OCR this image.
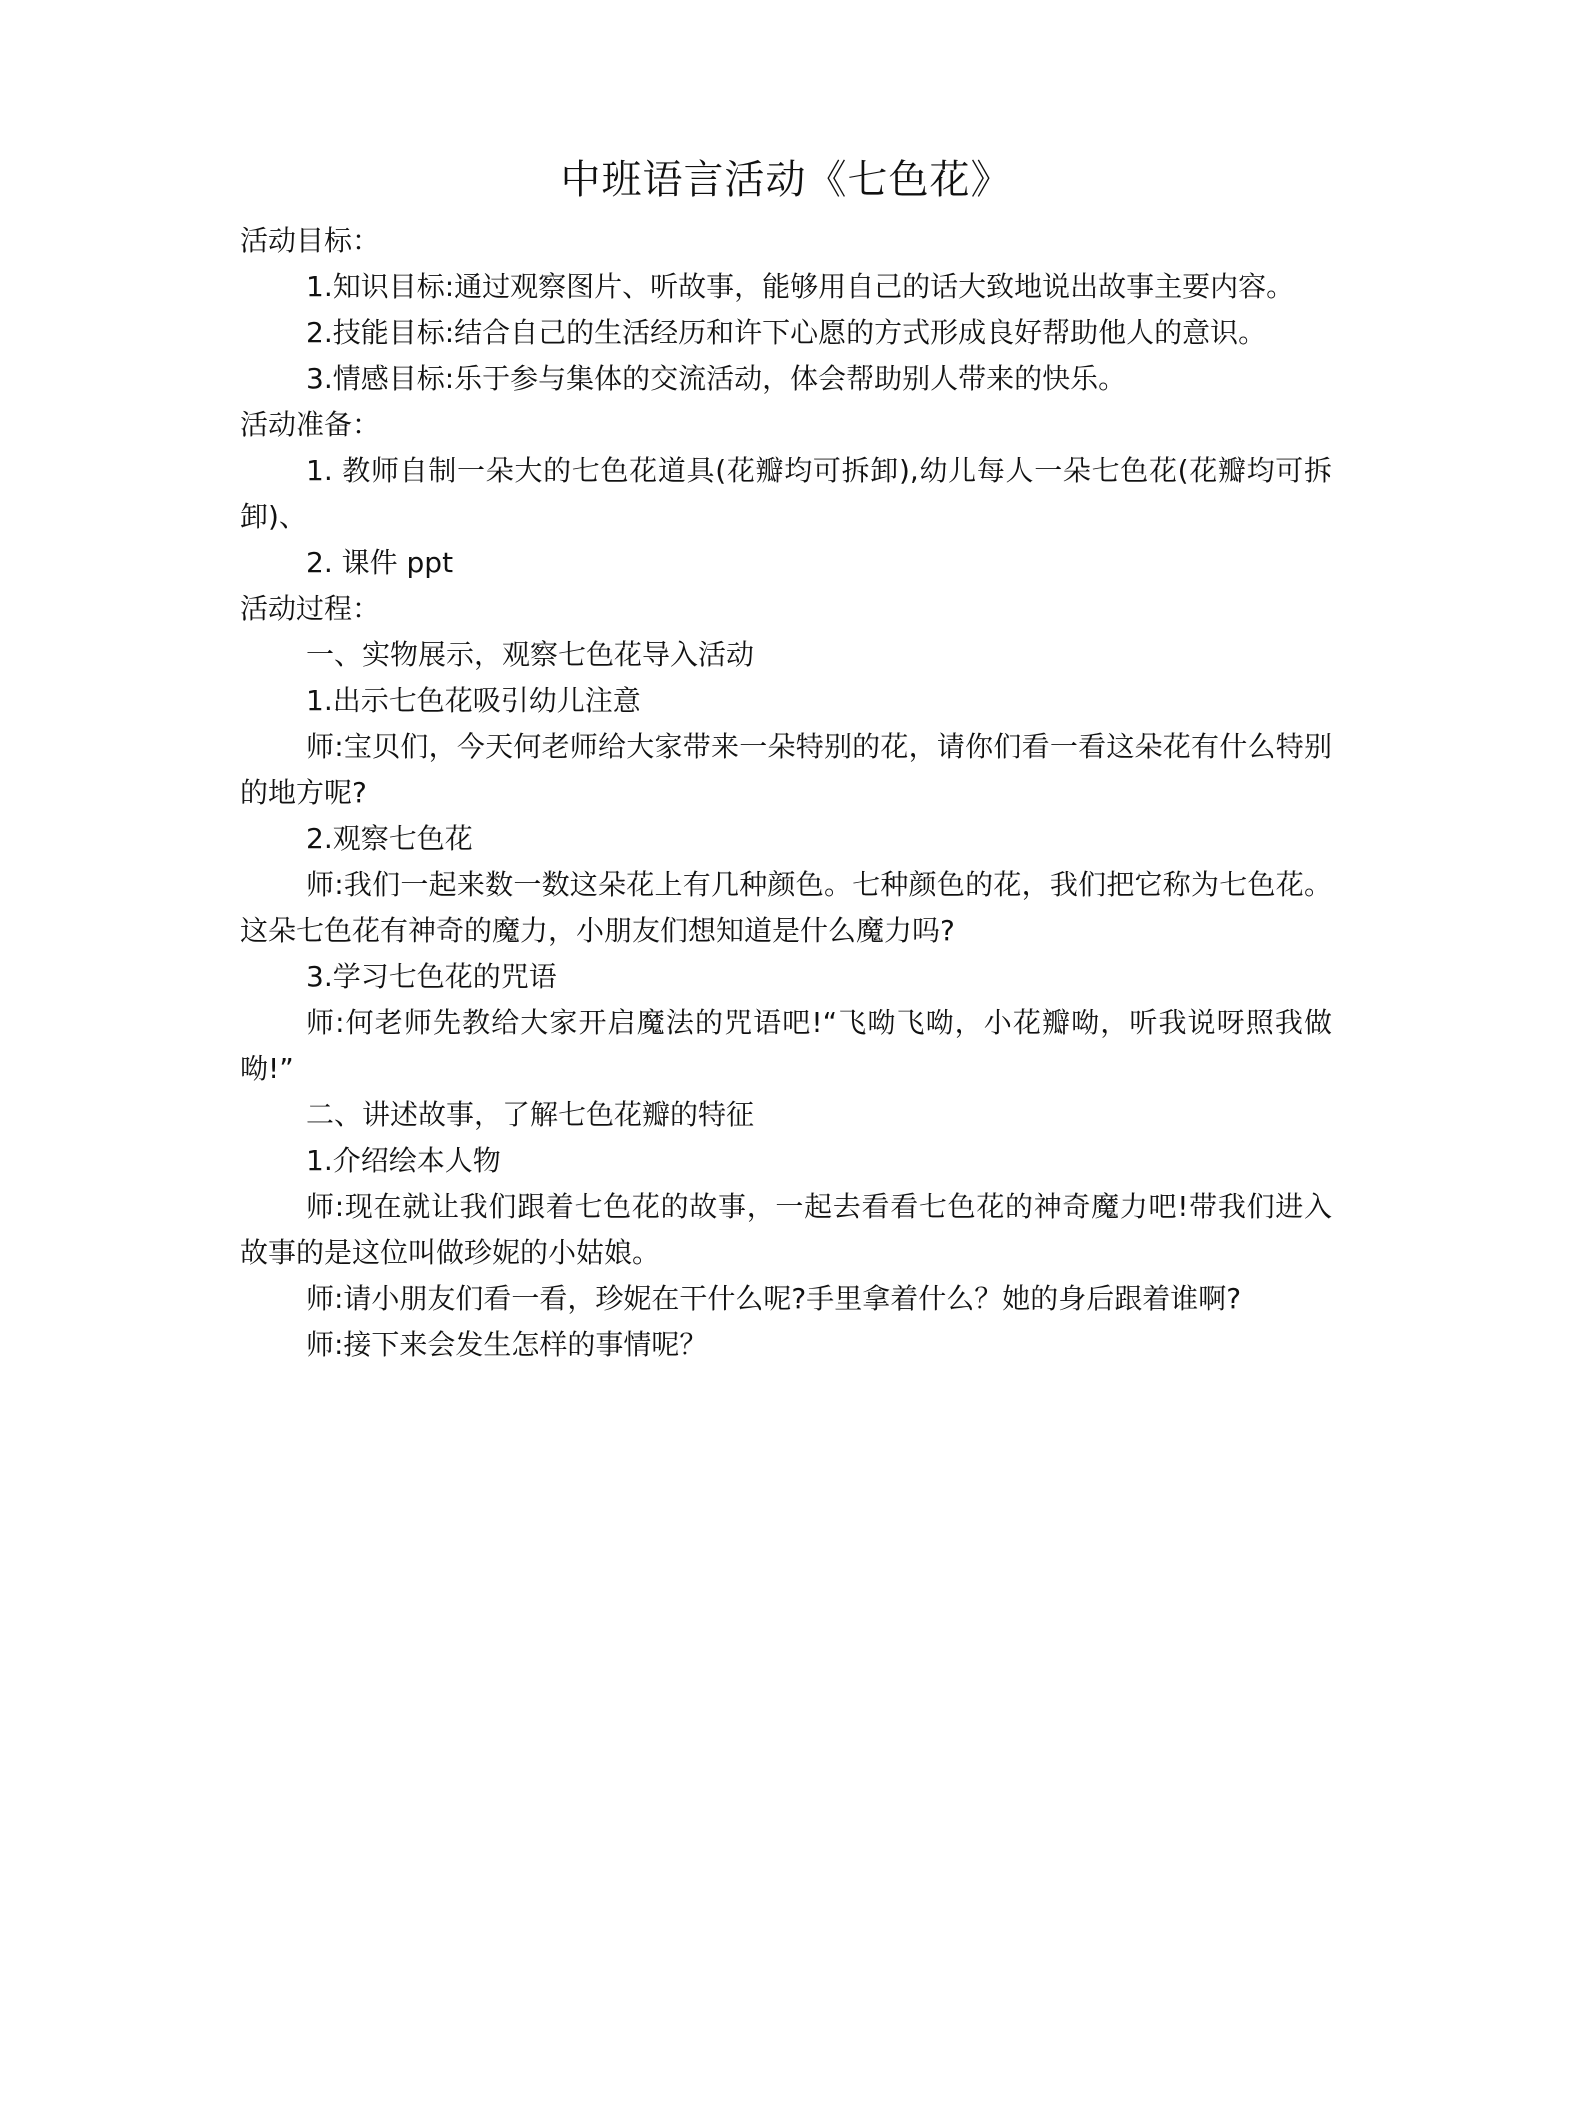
中班语言活动《七色花》

活动目标：

1.知识目标:通过观察图片、听故事，能够用自己的话大致地说出故事主要内容。

2.技能目标:结合自己的生活经历和许下心愿的方式形成良好帮助他人的意识。

3.情感目标:乐于参与集体的交流活动，体会帮助别人带来的快乐。

活动准备：

1. 教师自制一朵大的七色花道具(花瓣均可拆卸),幼儿每人一朵七色花(花瓣均可拆卸)、

2. 课件 ppt

活动过程：

一、实物展示，观察七色花导入活动

1.出示七色花吸引幼儿注意

师:宝贝们，今天何老师给大家带来一朵特别的花，请你们看一看这朵花有什么特别的地方呢?

2.观察七色花

师:我们一起来数一数这朵花上有几种颜色。七种颜色的花，我们把它称为七色花。这朵七色花有神奇的魔力，小朋友们想知道是什么魔力吗?

3.学习七色花的咒语

师:何老师先教给大家开启魔法的咒语吧!“飞呦飞呦，小花瓣呦，听我说呀照我做呦!”

二、讲述故事，了解七色花瓣的特征

1.介绍绘本人物

师:现在就让我们跟着七色花的故事，一起去看看七色花的神奇魔力吧!带我们进入故事的是这位叫做珍妮的小姑娘。

师:请小朋友们看一看，珍妮在干什么呢?手里拿着什么？她的身后跟着谁啊?

师:接下来会发生怎样的事情呢？
